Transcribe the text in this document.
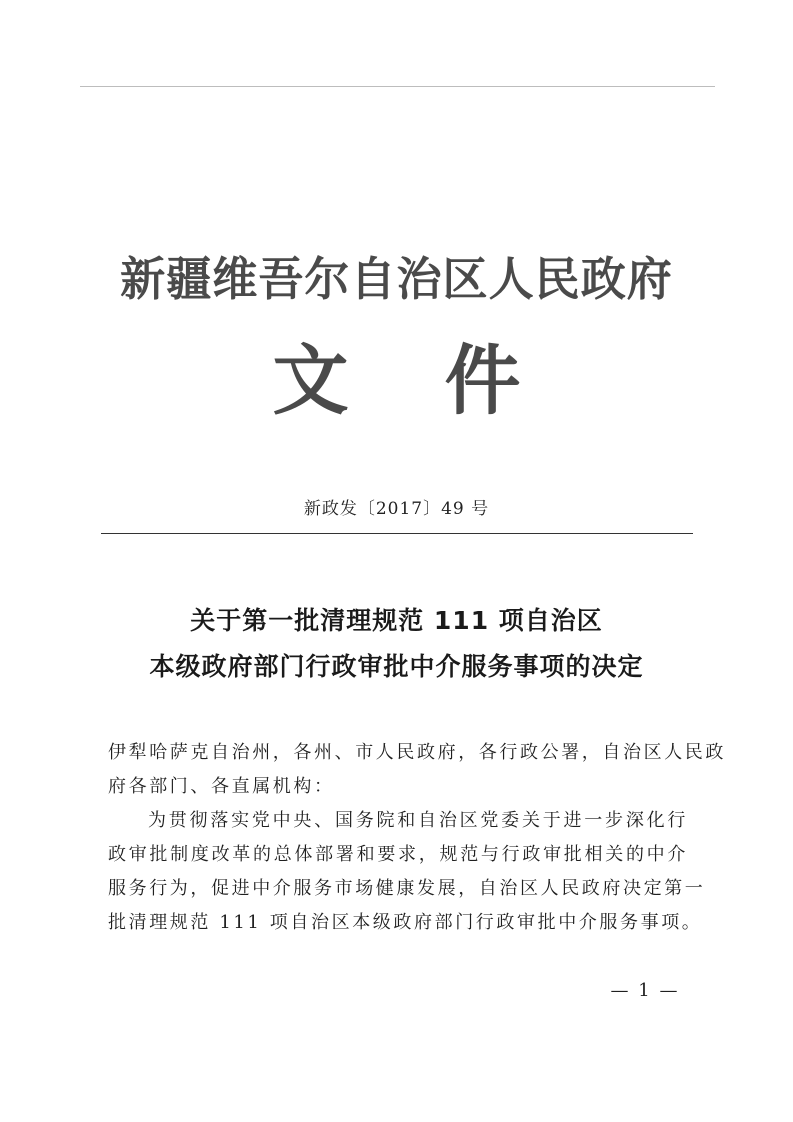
新疆维吾尔自治区人民政府
文件
新政发〔2017〕49 号
关于第一批清理规范 111 项自治区
本级政府部门行政审批中介服务事项的决定
伊犁哈萨克自治州，各州、市人民政府，各行政公署，自治区人民政
府各部门、各直属机构：
为贯彻落实党中央、国务院和自治区党委关于进一步深化行
政审批制度改革的总体部署和要求，规范与行政审批相关的中介
服务行为，促进中介服务市场健康发展，自治区人民政府决定第一
批清理规范 111 项自治区本级政府部门行政审批中介服务事项。
— 1 —
